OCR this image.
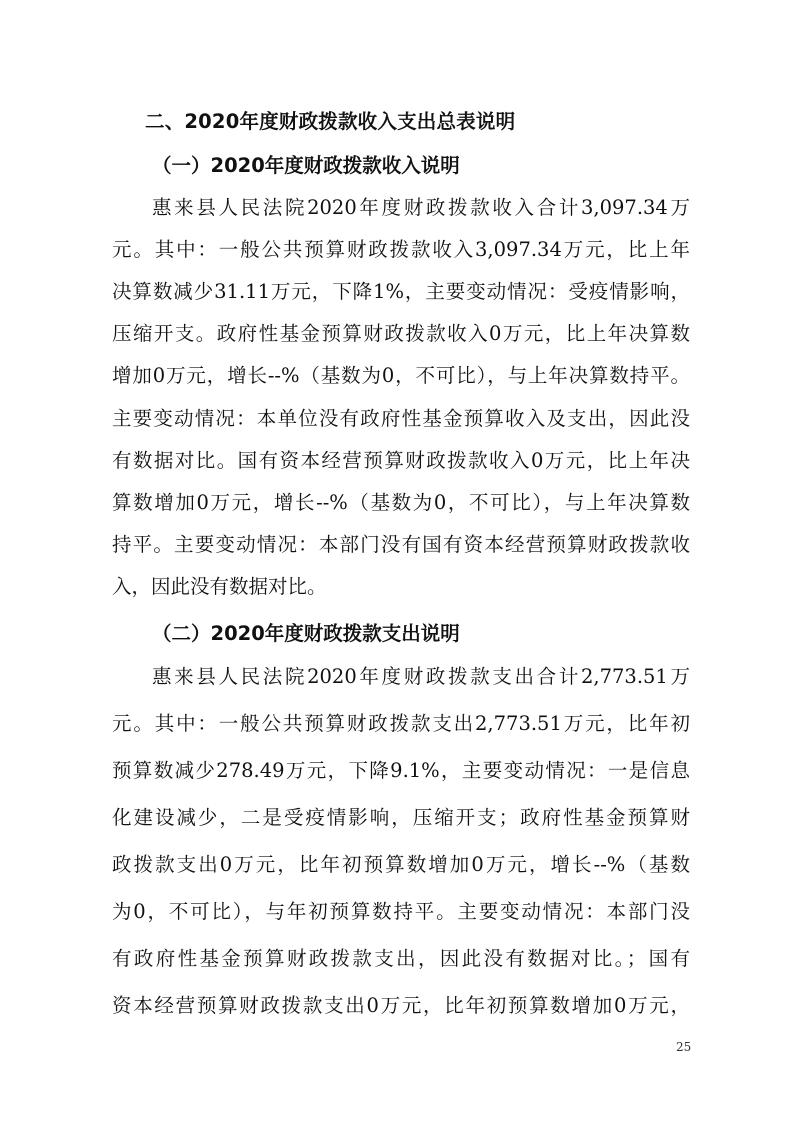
二、2020年度财政拨款收入支出总表说明
（一）2020年度财政拨款收入说明
（二）2020年度财政拨款支出说明
惠来县人民法院2020年度财政拨款支出合计2,773.51万
元。其中：一般公共预算财政拨款支出2,773.51万元，比年初
预算数减少278.49万元，下降9.1%，主要变动情况：一是信息
化建设减少，二是受疫情影响，压缩开支；政府性基金预算财
政拨款支出0万元，比年初预算数增加0万元，增长--%（基数
为0，不可比），与年初预算数持平。主要变动情况：本部门没
有政府性基金预算财政拨款支出，因此没有数据对比。；国有
资本经营预算财政拨款支出0万元，比年初预算数增加0万元，
25
惠来县人民法院2020年度财政拨款收入合计3,097.34万
元。其中：一般公共预算财政拨款收入3,097.34万元，比上年
决算数减少31.11万元，下降1%，主要变动情况：受疫情影响，
压缩开支。政府性基金预算财政拨款收入0万元，比上年决算数
增加0万元，增长--%（基数为0，不可比），与上年决算数持平。
主要变动情况：本单位没有政府性基金预算收入及支出，因此没
有数据对比。国有资本经营预算财政拨款收入0万元，比上年决
算数增加0万元，增长--%（基数为0，不可比），与上年决算数
持平。主要变动情况：本部门没有国有资本经营预算财政拨款收
入，因此没有数据对比。
